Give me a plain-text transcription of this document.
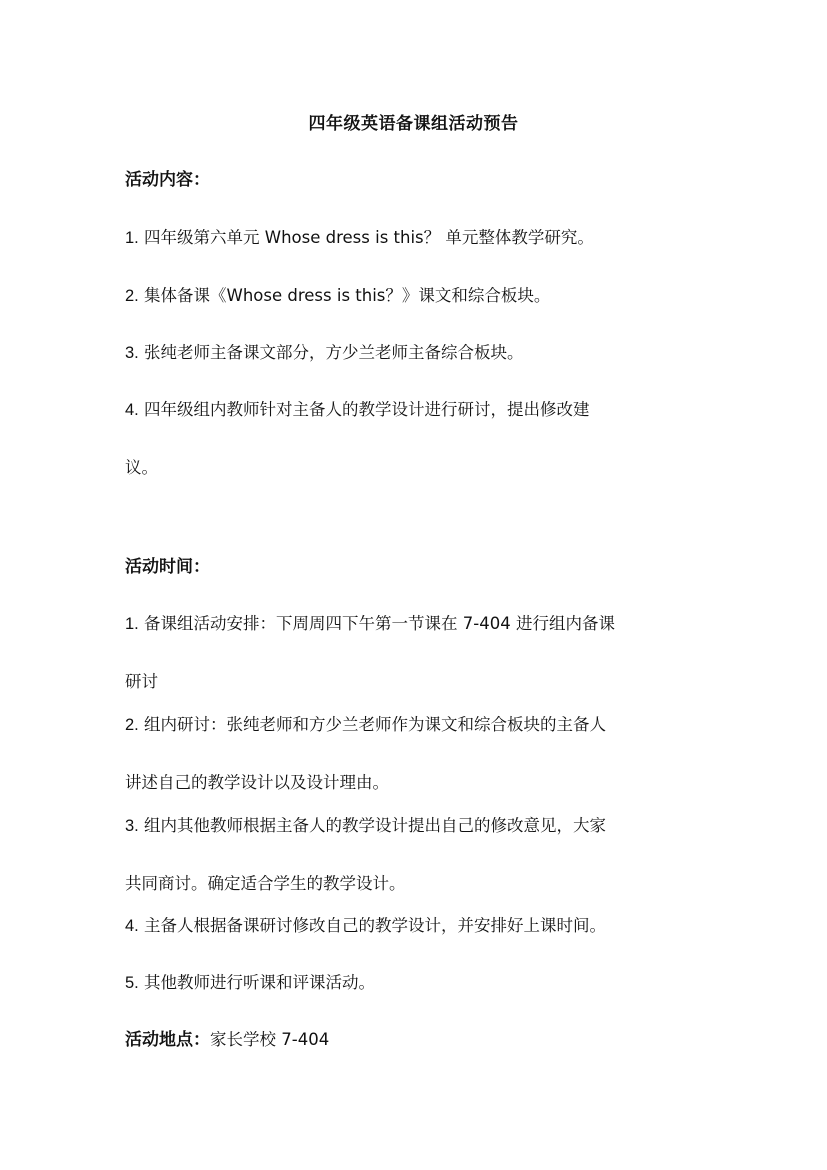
四年级英语备课组活动预告
活动内容：
1. 四年级第六单元 Whose dress is this？ 单元整体教学研究。
2. 集体备课《Whose dress is this？》课文和综合板块。
3. 张纯老师主备课文部分，方少兰老师主备综合板块。
4. 四年级组内教师针对主备人的教学设计进行研讨，提出修改建
议。
活动时间：
1. 备课组活动安排：下周周四下午第一节课在 7-404 进行组内备课
研讨
2. 组内研讨：张纯老师和方少兰老师作为课文和综合板块的主备人
讲述自己的教学设计以及设计理由。
3. 组内其他教师根据主备人的教学设计提出自己的修改意见，大家
共同商讨。确定适合学生的教学设计。
4. 主备人根据备课研讨修改自己的教学设计，并安排好上课时间。
5. 其他教师进行听课和评课活动。
活动地点：家长学校 7-404
